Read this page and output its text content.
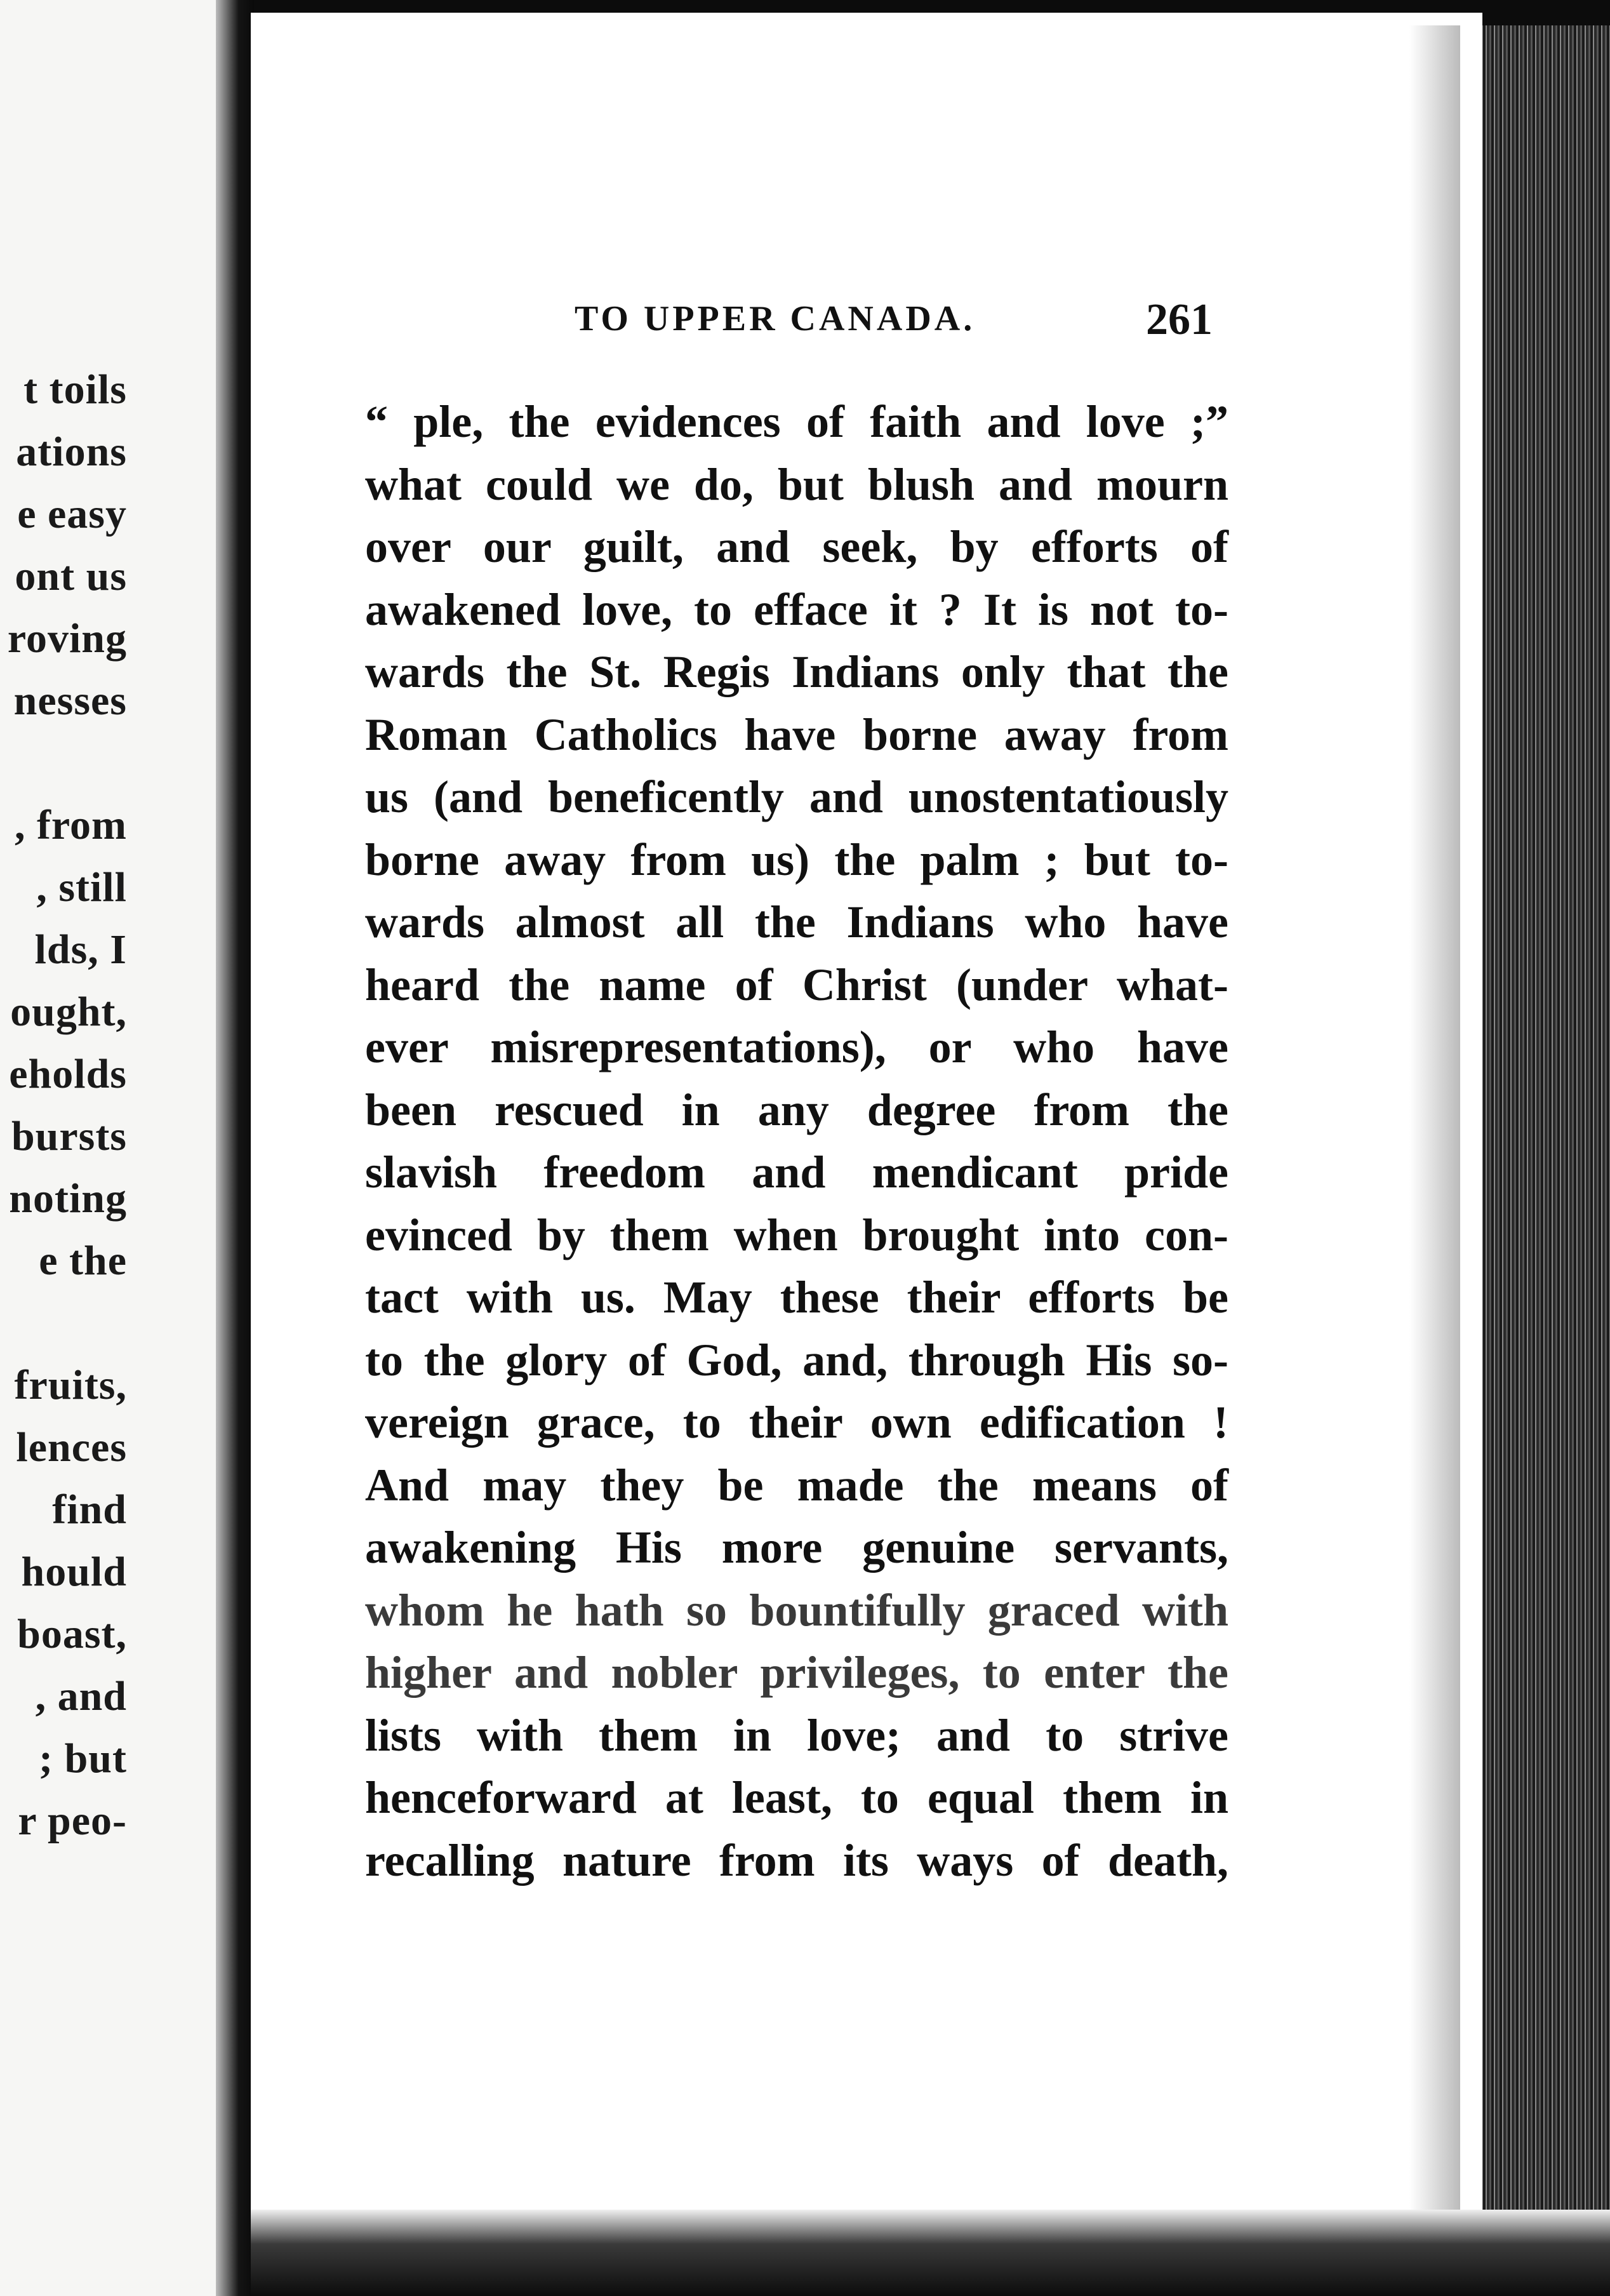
t toils
ations
e easy
ont us
roving
nesses
, from
, still
lds, I
ought,
eholds
bursts
noting
e the
fruits,
lences
find
hould
boast,
, and
; but
r peo-
TO UPPER CANADA.	261
“ ple, the evidences of faith and love ;”
what could we do, but blush and mourn
over our guilt, and seek, by efforts of
awakened love, to efface it ? It is not to-
wards the St. Regis Indians only that the
Roman Catholics have borne away from
us (and beneficently and unostentatiously
borne away from us) the palm ; but to-
wards almost all the Indians who have
heard the name of Christ (under what-
ever misrepresentations), or who have
been rescued in any degree from the
slavish freedom and mendicant pride
evinced by them when brought into con-
tact with us. May these their efforts be
to the glory of God, and, through His so-
vereign grace, to their own edification !
And may they be made the means of
awakening His more genuine servants,
whom he hath so bountifully graced with
higher and nobler privileges, to enter the
lists with them in love; and to strive
henceforward at least, to equal them in
recalling nature from its ways of death,
